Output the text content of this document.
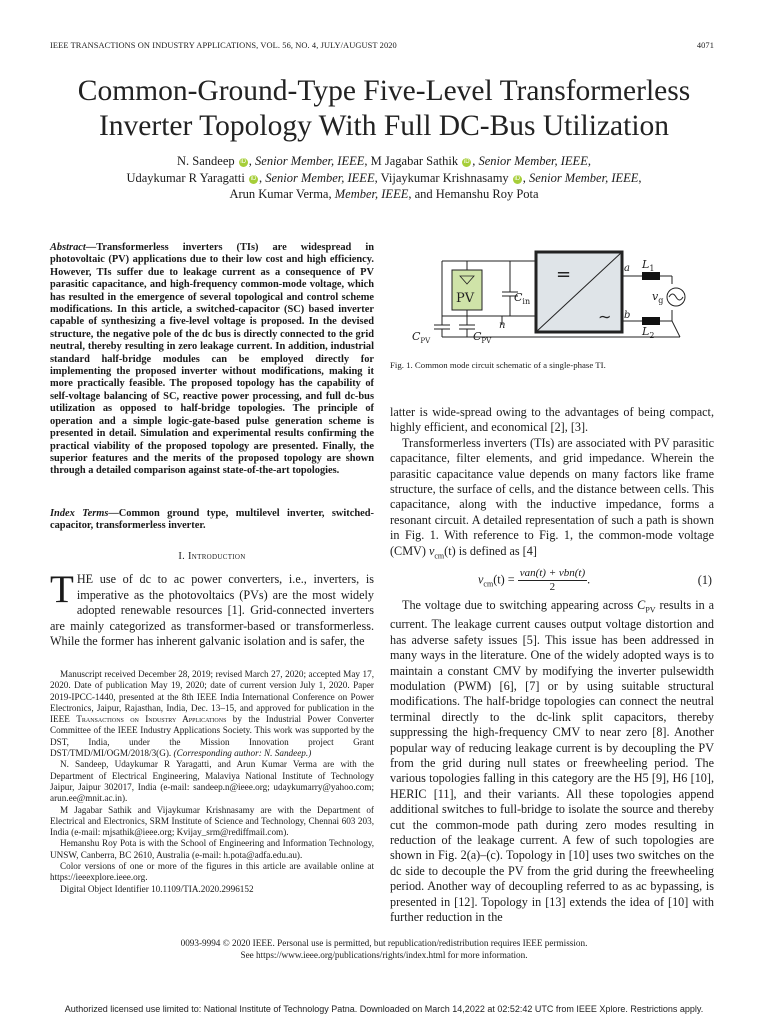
IEEE TRANSACTIONS ON INDUSTRY APPLICATIONS, VOL. 56, NO. 4, JULY/AUGUST 2020	4071
Common-Ground-Type Five-Level Transformerless
Inverter Topology With Full DC-Bus Utilization
N. Sandeep iD , Senior Member, IEEE, M Jagabar Sathik iD , Senior Member, IEEE,
Udaykumar R Yaragatti iD , Senior Member, IEEE, Vijaykumar Krishnasamy iD , Senior Member, IEEE,
Arun Kumar Verma, Member, IEEE, and Hemanshu Roy Pota
Abstract—Transformerless inverters (TIs) are widespread in photovoltaic (PV) applications due to their low cost and high efficiency. However, TIs suffer due to leakage current as a consequence of PV parasitic capacitance, and high-frequency common-mode voltage, which has resulted in the emergence of several topological and control scheme modifications. In this article, a switched-capacitor (SC) based inverter capable of synthesizing a five-level voltage is proposed. In the devised structure, the negative pole of the dc bus is directly connected to the grid neutral, thereby resulting in zero leakage current. In addition, industrial standard half-bridge modules can be employed directly for implementing the proposed inverter without modifications, making it more practically feasible. The proposed topology has the capability of self-voltage balancing of SC, reactive power processing, and full dc-bus utilization as opposed to half-bridge topologies. The principle of operation and a simple logic-gate-based pulse generation scheme is presented in detail. Simulation and experimental results confirming the practical viability of the proposed topology are presented. Finally, the superior features and the merits of the proposed topology are shown through a detailed comparison against state-of-the-art topologies.
Index Terms—Common ground type, multilevel inverter, switched-capacitor, transformerless inverter.
I. Introduction
THE use of dc to ac power converters, i.e., inverters, is imperative as the photovoltaics (PVs) are the most widely adopted renewable resources [1]. Grid-connected inverters are mainly categorized as transformer-based or transformerless. While the former has inherent galvanic isolation and is safer, the

Manuscript received December 28, 2019; revised March 27, 2020; accepted May 17, 2020. Date of publication May 19, 2020; date of current version July 1, 2020. Paper 2019-IPCC-1440, presented at the 8th IEEE India International Conference on Power Electronics, Jaipur, Rajasthan, India, Dec. 13–15, and approved for publication in the IEEE Transactions on Industry Applications by the Industrial Power Converter Committee of the IEEE Industry Applications Society. This work was supported by the DST, India, under the Mission Innovation project Grant DST/TMD/MI/OGM/2018/3(G). (Corresponding author: N. Sandeep.)

N. Sandeep, Udaykumar R Yaragatti, and Arun Kumar Verma are with the Department of Electrical Engineering, Malaviya National Institute of Technology Jaipur, Jaipur 302017, India (e-mail: sandeep.n@ieee.org; udaykumarry@yahoo.com; arun.ee@mnit.ac.in).

M Jagabar Sathik and Vijaykumar Krishnasamy are with the Department of Electrical and Electronics, SRM Institute of Science and Technology, Chennai 603 203, India (e-mail: mjsathik@ieee.org; Kvijay_srm@rediffmail.com).

Hemanshu Roy Pota is with the School of Engineering and Information Technology, UNSW, Canberra, BC 2610, Australia (e-mail: h.pota@adfa.edu.au).

Color versions of one or more of the figures in this article are available online at https://ieeexplore.ieee.org.

Digital Object Identifier 10.1109/TIA.2020.2996152

=
∼
PV	$C_{in}$
n
a
b
$L_1$
$L_2$
$v_g$
$C_{PV}$	$C_{PV}$
Fig. 1. Common mode circuit schematic of a single-phase TI.

latter is wide-spread owing to the advantages of being compact, highly efficient, and economical [2], [3].

Transformerless inverters (TIs) are associated with PV parasitic capacitance, filter elements, and grid impedance. Wherein the parasitic capacitance value depends on many factors like frame structure, the surface of cells, and the distance between cells. This capacitance, along with the inductive impedance, forms a resonant circuit. A detailed representation of such a path is shown in Fig. 1. With reference to Fig. 1, the common-mode voltage (CMV) $v_{cm}(t)$ is defined as [4]

$v_{cm}(t) = \frac{\text{van(t) + vbn(t)}}{2}$ .	(1)

The voltage due to switching appearing across $C_{PV}$ results in a current. The leakage current causes output voltage distortion and has adverse safety issues [5]. This issue has been addressed in many ways in the literature. One of the widely adopted ways is to maintain a constant CMV by modifying the inverter pulsewidth modulation (PWM) [6], [7] or by using suitable structural modifications. The half-bridge topologies can connect the neutral terminal directly to the dc-link split capacitors, thereby suppressing the high-frequency CMV to near zero [8]. Another popular way of reducing leakage current is by decoupling the PV from the grid during null states or freewheeling period. The various topologies falling in this category are the H5 [9], H6 [10], HERIC [11], and their variants. All these topologies append additional switches to full-bridge to isolate the source and thereby cut the common-mode path during zero modes resulting in reduction of the leakage current. A few of such topologies are shown in Fig. 2(a)–(c). Topology in [10] uses two switches on the dc side to decouple the PV from the grid during the freewheeling period. Another way of decoupling referred to as ac bypassing, is presented in [12]. Topology in [13] extends the idea of [10] with further reduction in the

0093-9994 © 2020 IEEE. Personal use is permitted, but republication/redistribution requires IEEE permission.
See https://www.ieee.org/publications/rights/index.html for more information.
Authorized licensed use limited to: National Institute of Technology Patna. Downloaded on March 14,2022 at 02:52:42 UTC from IEEE Xplore. Restrictions apply.
